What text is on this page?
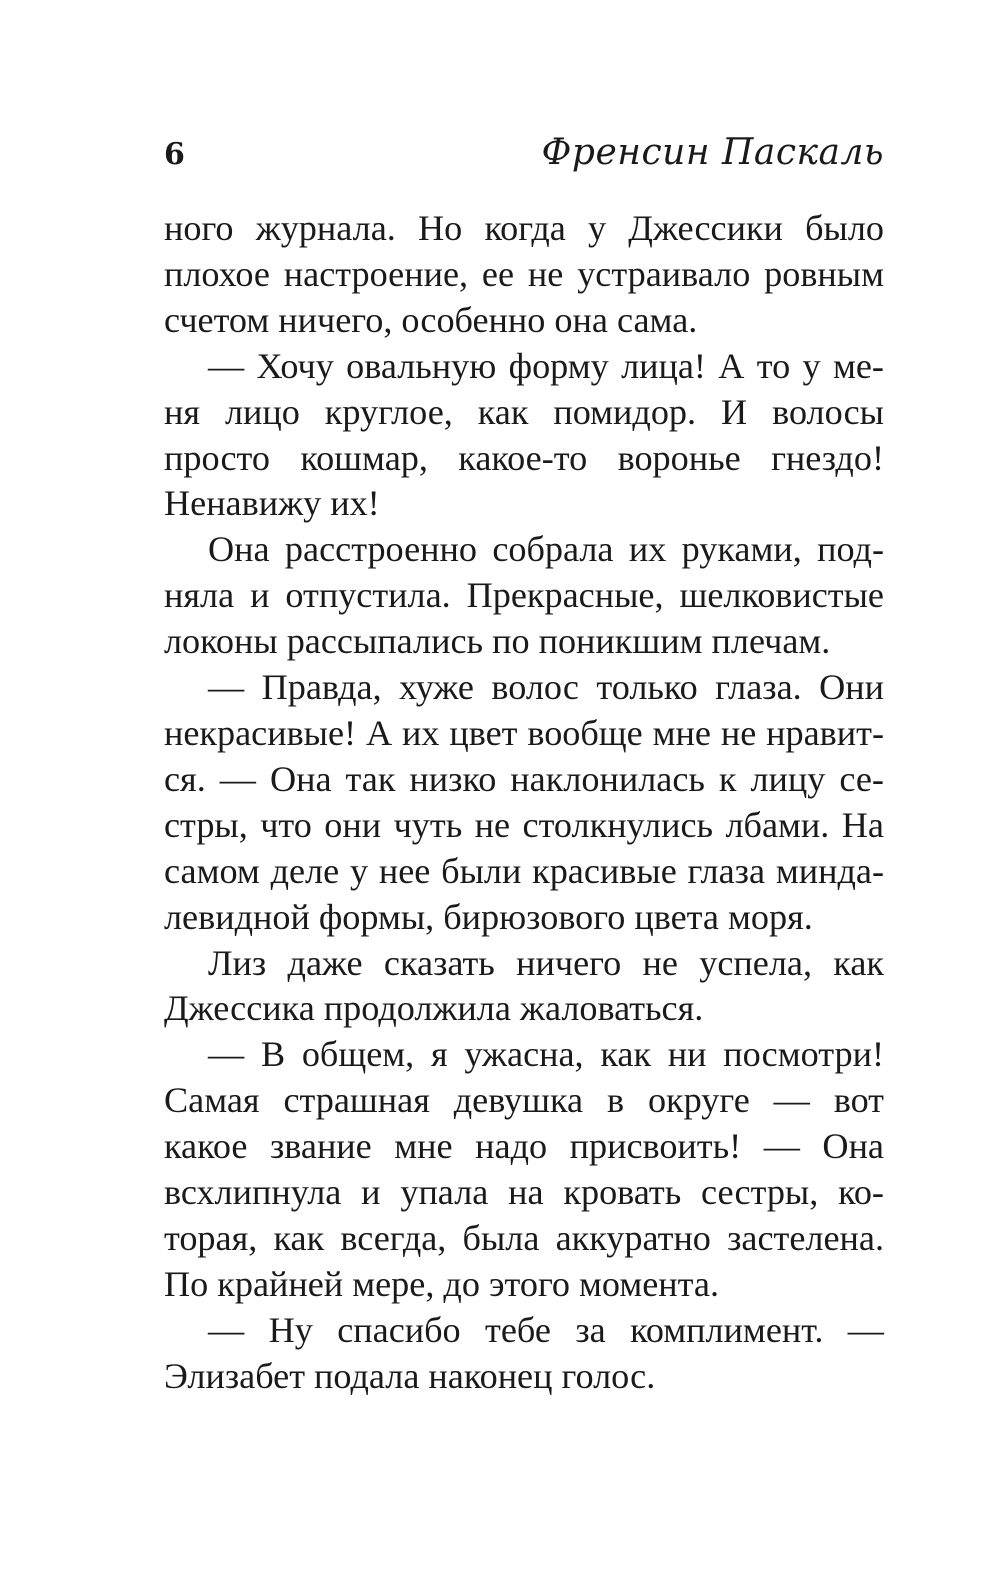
6	Френсин Паскаль
ного журнала. Но когда у Джессики было
плохое настроение, ее не устраивало ровным
счетом ничего, особенно она сама.
— Хочу овальную форму лица! А то у ме-
ня лицо круглое, как помидор. И волосы
просто кошмар, какое-то воронье гнездо!
Ненавижу их!
Она расстроенно собрала их руками, под-
няла и отпустила. Прекрасные, шелковистые
локоны рассыпались по поникшим плечам.
— Правда, хуже волос только глаза. Они
некрасивые! А их цвет вообще мне не нравит-
ся. — Она так низко наклонилась к лицу се-
стры, что они чуть не столкнулись лбами. На
самом деле у нее были красивые глаза минда-
левидной формы, бирюзового цвета моря.
Лиз даже сказать ничего не успела, как
Джессика продолжила жаловаться.
— В общем, я ужасна, как ни посмотри!
Самая страшная девушка в округе — вот
какое звание мне надо присвоить! — Она
всхлипнула и упала на кровать сестры, ко-
торая, как всегда, была аккуратно застелена.
По крайней мере, до этого момента.
— Ну спасибо тебе за комплимент. —
Элизабет подала наконец голос.
